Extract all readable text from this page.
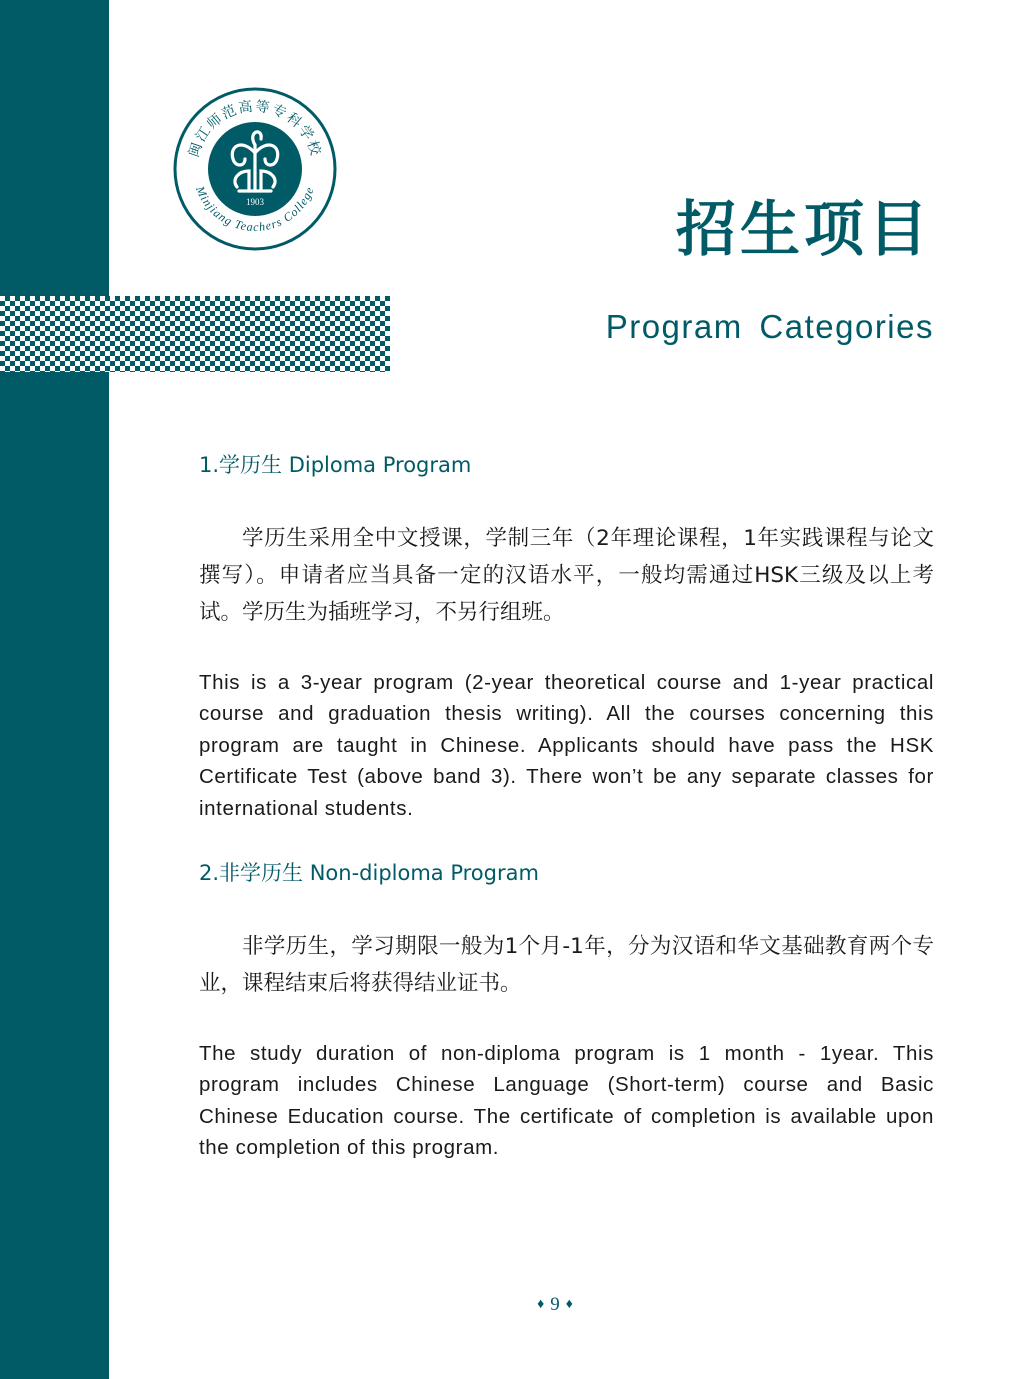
闽江师范高等专科学校
Minjiang Teachers College
1903	招生项目
Program Categories

1.学历生 Diploma Program

学历生采用全中文授课，学制三年（2年理论课程，1年实践课程与论文撰写）。申请者应当具备一定的汉语水平，一般均需通过HSK三级及以上考试。学历生为插班学习，不另行组班。

This is a 3-year program (2-year theoretical course and 1-year practical course and graduation thesis writing). All the courses concerning this program are taught in Chinese. Applicants should have pass the HSK Certificate Test (above band 3). There won’t be any separate classes for international students.

2.非学历生 Non-diploma Program

非学历生，学习期限一般为1个月-1年，分为汉语和华文基础教育两个专业，课程结束后将获得结业证书。

The study duration of non-diploma program is 1 month - 1year. This program includes Chinese Language (Short-term) course and Basic Chinese Education course. The certificate of completion is available upon the completion of this program.

♦ 9 ♦
